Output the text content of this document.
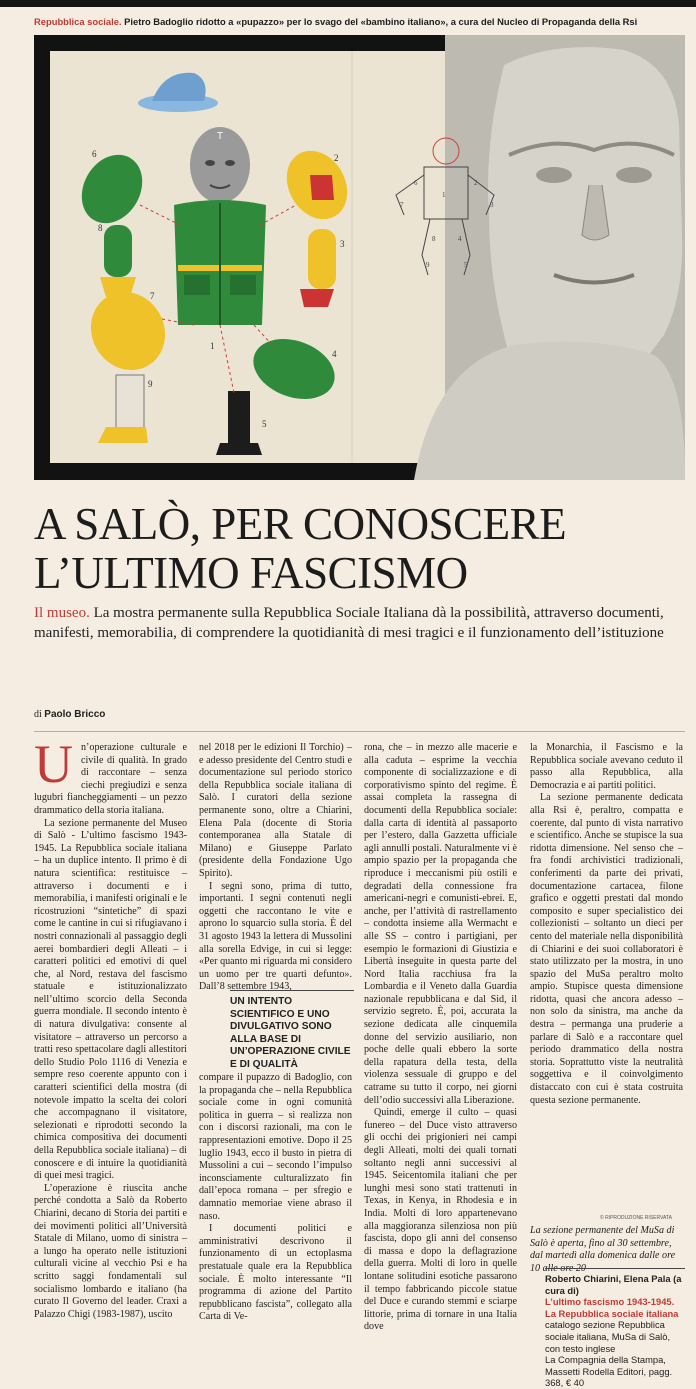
Repubblica sociale. Pietro Badoglio ridotto a «pupazzo» per lo svago del «bambino italiano», a cura del Nucleo di Propaganda della Rsi
T
6	2
3
4
5
7
8
9
1
1
2
3
4
5
6
7
8
9
A SALÒ, PER CONOSCERE
L’ULTIMO FASCISMO
Il museo. La mostra permanente sulla Repubblica Sociale Italiana dà la possibilità, attraverso documenti, manifesti, memorabilia, di comprendere la quotidianità di mesi tragici e il funzionamento dell’istituzione
di Paolo Bricco
U n’operazione culturale e civile di qualità. In grado di raccontare – senza ciechi pregiudizi e senza lugubri fiancheggiamenti – un pezzo drammatico della storia italiana.

La sezione permanente del Museo di Salò - L’ultimo fascismo 1943-1945. La Repubblica sociale italiana – ha un duplice intento. Il primo è di natura scientifica: restituisce – attraverso i documenti e i memorabilia, i manifesti originali e le ricostruzioni “sintetiche” di spazi come le cantine in cui si rifugiavano i nostri connazionali al passaggio degli aerei bombardieri degli Alleati – i caratteri politici ed emotivi di quel che, al Nord, restava del fascismo statuale e istituzionalizzato nell’ultimo scorcio della Seconda guerra mondiale. Il secondo intento è di natura divulgativa: consente al visitatore – attraverso un percorso a tratti reso spettacolare dagli allestitori dello Studio Polo 1116 di Venezia e sempre reso coerente appunto con i caratteri scientifici della mostra (di notevole impatto la scelta dei colori che accompagnano il visitatore, selezionati e riprodotti secondo la chimica compositiva dei documenti della Repubblica sociale italiana) – di conoscere e di intuire la quotidianità di quei mesi tragici.

L’operazione è riuscita anche perché condotta a Salò da Roberto Chiarini, decano di Storia dei partiti e dei movimenti politici all’Università Statale di Milano, uomo di sinistra – a lungo ha operato nelle istituzioni culturali vicine al vecchio Psi e ha scritto saggi fondamentali sul socialismo lombardo e italiano (ha curato Il Governo del leader. Craxi a Palazzo Chigi (1983-1987), uscito

nel 2018 per le edizioni Il Torchio) – e adesso presidente del Centro studi e documentazione sul periodo storico della Repubblica sociale italiana di Salò. I curatori della sezione permanente sono, oltre a Chiarini, Elena Pala (docente di Storia contemporanea alla Statale di Milano) e Giuseppe Parlato (presidente della Fondazione Ugo Spirito).

I segni sono, prima di tutto, importanti. I segni contenuti negli oggetti che raccontano le vite e aprono lo squarcio sulla storia. È del 31 agosto 1943 la lettera di Mussolini alla sorella Edvige, in cui si legge: «Per quanto mi riguarda mi considero un uomo per tre quarti defunto». Dall’8 settembre 1943,

UN INTENTO SCIENTIFICO E UNO DIVULGATIVO SONO ALLA BASE DI UN’OPERAZIONE CIVILE E DI QUALITÀ

compare il pupazzo di Badoglio, con la propaganda che – nella Repubblica sociale come in ogni comunità politica in guerra – si realizza non con i discorsi razionali, ma con le rappresentazioni emotive. Dopo il 25 luglio 1943, ecco il busto in pietra di Mussolini a cui – secondo l’impulso inconsciamente culturalizzato fin dall’epoca romana – per sfregio e damnatio memoriae viene abraso il naso.

I documenti politici e amministrativi descrivono il funzionamento di un ectoplasma prestatuale quale era la Repubblica sociale. È molto interessante “Il programma di azione del Partito repubblicano fascista”, collegato alla Carta di Ve-

rona, che – in mezzo alle macerie e alla caduta – esprime la vecchia componente di socializzazione e di corporativismo spinto del regime. È assai completa la rassegna di documenti della Repubblica sociale: dalla carta di identità al passaporto per l’estero, dalla Gazzetta ufficiale agli annulli postali. Naturalmente vi è ampio spazio per la propaganda che riproduce i meccanismi più ostili e degradati della connessione fra americani-negri e comunisti-ebrei. E, anche, per l’attività di rastrellamento – condotta insieme alla Wermacht e alle SS – contro i partigiani, per esempio le formazioni di Giustizia e Libertà inseguite in questa parte del Nord Italia racchiusa fra la Lombardia e il Veneto dalla Guardia nazionale repubblicana e dal Sid, il servizio segreto. È, poi, accurata la sezione dedicata alle cinquemila donne del servizio ausiliario, non poche delle quali ebbero la sorte della rapatura della testa, della violenza sessuale di gruppo e del catrame su tutto il corpo, nei giorni dell’odio successivi alla Liberazione.

Quindi, emerge il culto – quasi funereo – del Duce visto attraverso gli occhi dei prigionieri nei campi degli Alleati, molti dei quali tornati soltanto negli anni successivi al 1945. Seicentomila italiani che per lunghi mesi sono stati trattenuti in Texas, in Kenya, in Rhodesia e in India. Molti di loro appartenevano alla maggioranza silenziosa non più fascista, dopo gli anni del consenso di massa e dopo la deflagrazione della guerra. Molti di loro in quelle lontane solitudini esotiche passarono il tempo fabbricando piccole statue del Duce e curando stemmi e sciarpe littorie, prima di tornare in una Italia dove

la Monarchia, il Fascismo e la Repubblica sociale avevano ceduto il passo alla Repubblica, alla Democrazia e ai partiti politici.

La sezione permanente dedicata alla Rsi è, peraltro, compatta e coerente, dal punto di vista narrativo e scientifico. Anche se stupisce la sua ridotta dimensione. Nel senso che – fra fondi archivistici tradizionali, conferimenti da parte dei privati, documentazione cartacea, filone grafico e oggetti prestati dal mondo composito e super specialistico dei collezionisti – soltanto un dieci per cento del materiale nella disponibilità di Chiarini e dei suoi collaboratori è stato utilizzato per la mostra, in uno spazio del MuSa peraltro molto ampio. Stupisce questa dimensione ridotta, quasi che ancora adesso – non solo da sinistra, ma anche da destra – permanga una pruderie a parlare di Salò e a raccontare quel periodo drammatico della nostra storia. Soprattutto viste la neutralità soggettiva e il coinvolgimento distaccato con cui è stata costruita questa sezione permanente.

© RIPRODUZIONE RISERVATA
La sezione permanente del MuSa di Salò è aperta, fino al 30 settembre, dal martedì alla domenica dalle ore 10 alle ore 20
Roberto Chiarini, Elena Pala (a cura di)
L’ultimo fascismo 1943-1945. La Repubblica sociale italiana
catalogo sezione Repubblica sociale italiana, MuSa di Salò, con testo inglese
La Compagnia della Stampa, Massetti Rodella Editori, pagg. 368, € 40
